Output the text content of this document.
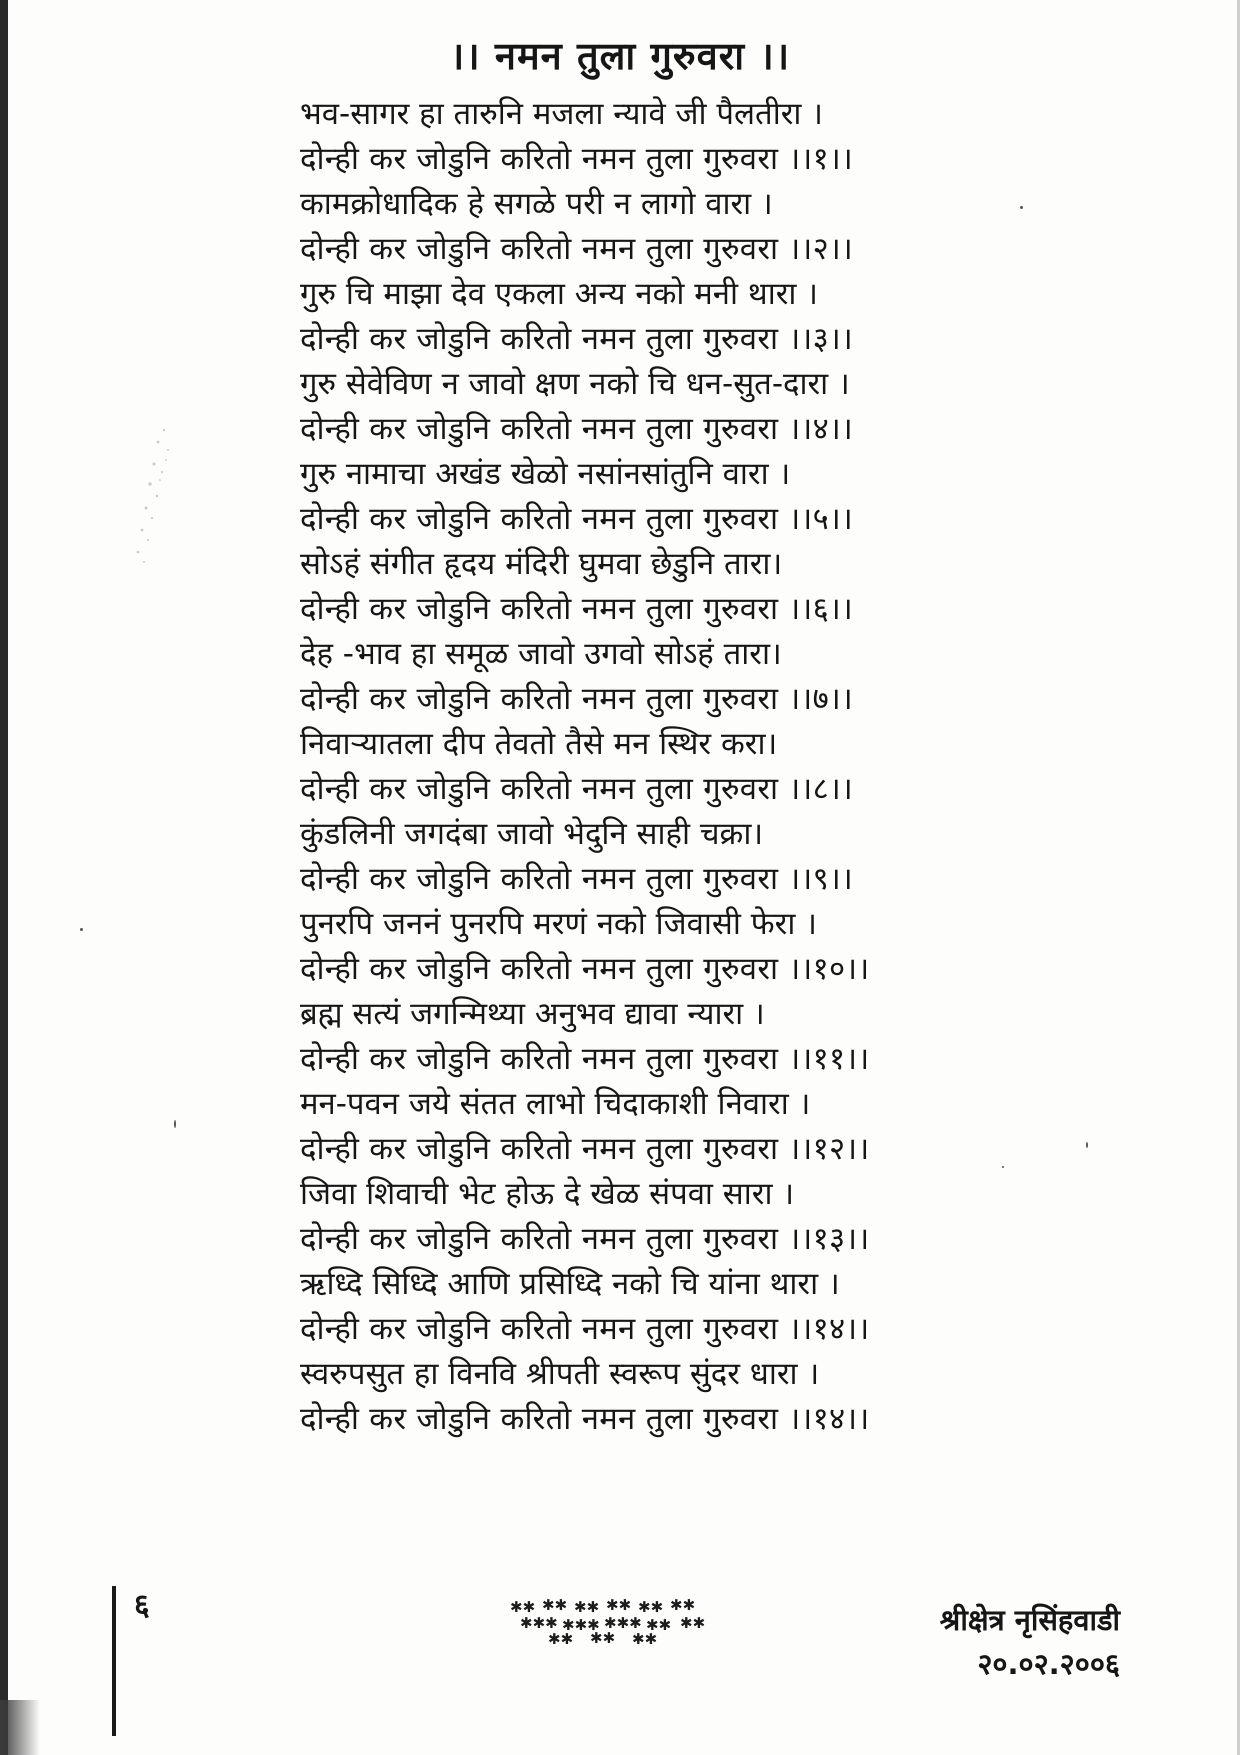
।। नमन तुला गुरुवरा ।।
भव-सागर हा तारुनि मजला न्यावे जी पैलतीरा ।
दोन्ही कर जोडुनि करितो नमन तुला गुरुवरा ।।१।।
कामक्रोधादिक हे सगळे परी न लागो वारा ।
दोन्ही कर जोडुनि करितो नमन तुला गुरुवरा ।।२।।
गुरु चि माझा देव एकला अन्य नको मनी थारा ।
दोन्ही कर जोडुनि करितो नमन तुला गुरुवरा ।।३।।
गुरु सेवेविण न जावो क्षण नको चि धन-सुत-दारा ।
दोन्ही कर जोडुनि करितो नमन तुला गुरुवरा ।।४।।
गुरु नामाचा अखंड खेळो नसांनसांतुनि वारा ।
दोन्ही कर जोडुनि करितो नमन तुला गुरुवरा ।।५।।
सोऽहं संगीत हृदय मंदिरी घुमवा छेडुनि तारा।
दोन्ही कर जोडुनि करितो नमन तुला गुरुवरा ।।६।।
देह -भाव हा समूळ जावो उगवो सोऽहं तारा।
दोन्ही कर जोडुनि करितो नमन तुला गुरुवरा ।।७।।
निवाऱ्यातला दीप तेवतो तैसे मन स्थिर करा।
दोन्ही कर जोडुनि करितो नमन तुला गुरुवरा ।।८।।
कुंडलिनी जगदंबा जावो भेदुनि साही चक्रा।
दोन्ही कर जोडुनि करितो नमन तुला गुरुवरा ।।९।।
पुनरपि जननं पुनरपि मरणं नको जिवासी फेरा ।
दोन्ही कर जोडुनि करितो नमन तुला गुरुवरा ।।१०।।
ब्रह्म सत्यं जगन्मिथ्या अनुभव द्यावा न्यारा ।
दोन्ही कर जोडुनि करितो नमन तुला गुरुवरा ।।११।।
मन-पवन जये संतत लाभो चिदाकाशी निवारा ।
दोन्ही कर जोडुनि करितो नमन तुला गुरुवरा ।।१२।।
जिवा शिवाची भेट होऊ दे खेळ संपवा सारा ।
दोन्ही कर जोडुनि करितो नमन तुला गुरुवरा ।।१३।।
ऋध्दि सिध्दि आणि प्रसिध्दि नको चि यांना थारा ।
दोन्ही कर जोडुनि करितो नमन तुला गुरुवरा ।।१४।।
स्वरुपसुत हा विनवि श्रीपती स्वरूप सुंदर धारा ।
दोन्ही कर जोडुनि करितो नमन तुला गुरुवरा ।।१४।।
६	✱✱ ✱✱ ✱✱ ✱✱ ✱✱ ✱✱
✱✱✱ ✱✱✱ ✱✱✱ ✱✱ ✱✱
✱✱ ✱✱ ✱✱
श्रीक्षेत्र नृसिंहवाडी
२०.०२.२००६
